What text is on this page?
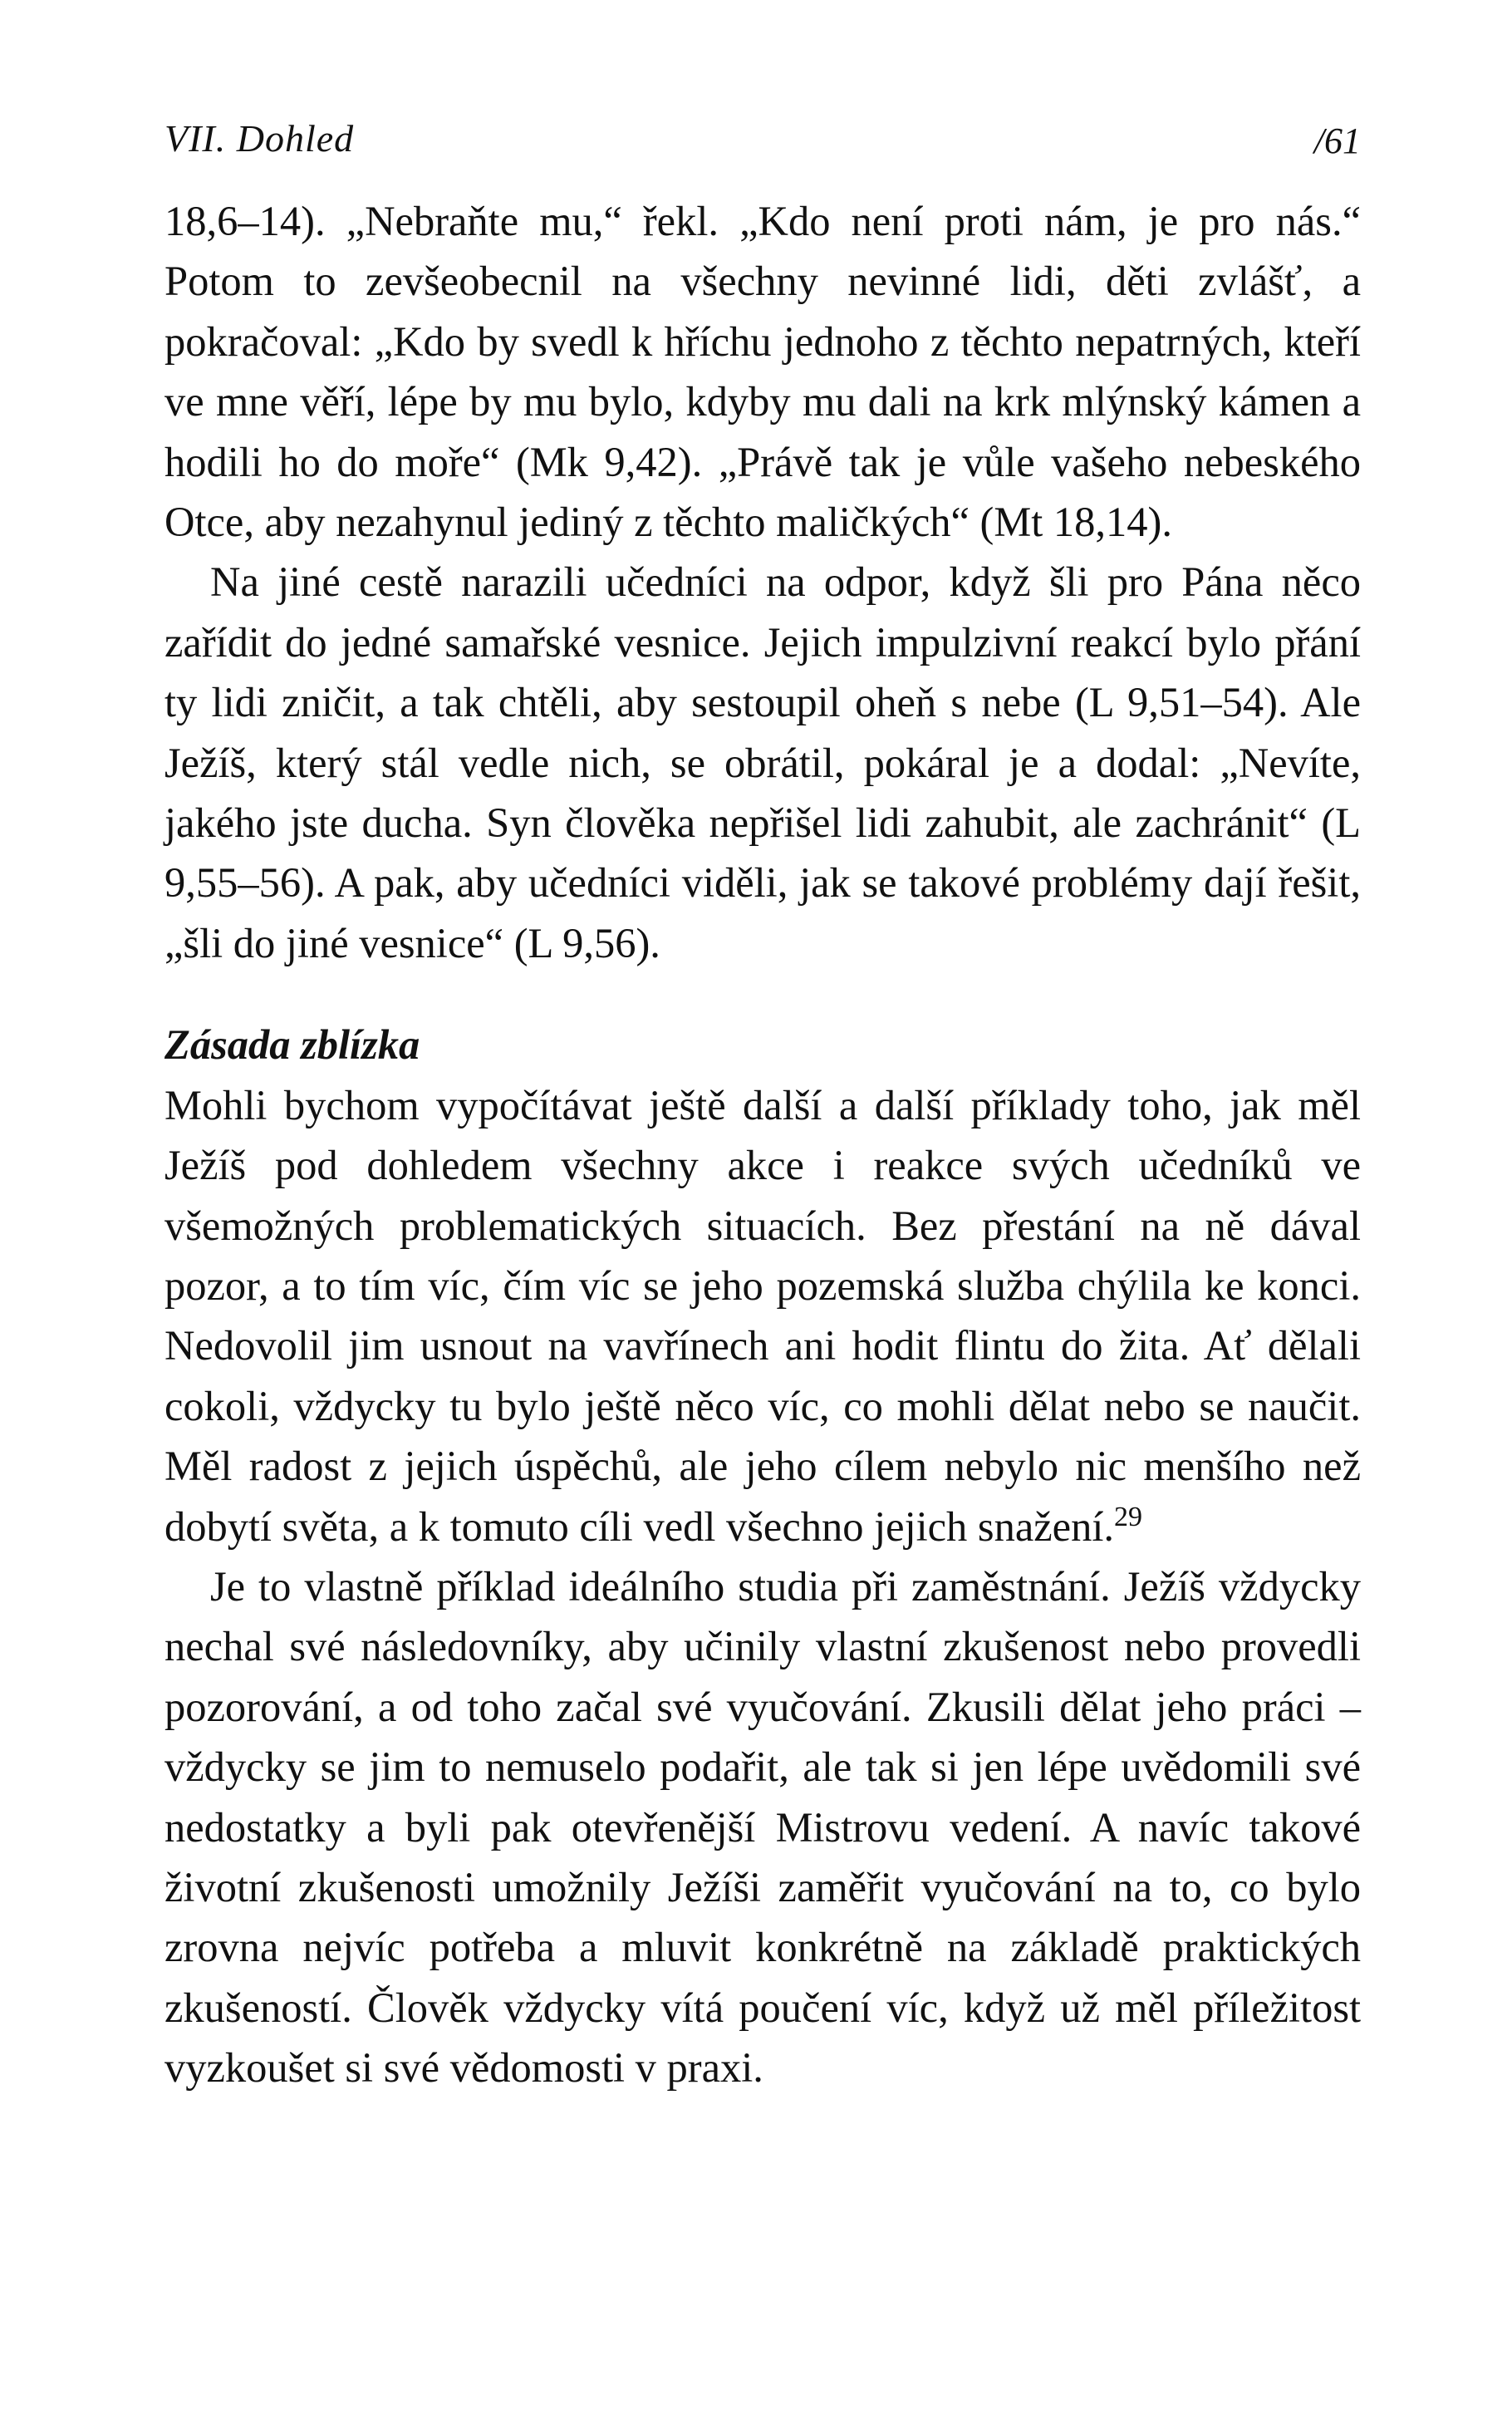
VII. Dohled	/61

18,6–14). „Nebraňte mu,“ řekl. „Kdo není proti nám, je pro nás.“ Potom to zevšeobecnil na všechny nevinné lidi, děti zvlášť, a pokračoval: „Kdo by svedl k hříchu jednoho z těchto nepatrných, kteří ve mne věří, lépe by mu bylo, kdyby mu dali na krk mlýnský kámen a hodili ho do moře“ (Mk 9,42). „Právě tak je vůle vašeho nebeského Otce, aby nezahynul jediný z těchto maličkých“ (Mt 18,14).

Na jiné cestě narazili učedníci na odpor, když šli pro Pána něco zařídit do jedné samařské vesnice. Jejich impulzivní reakcí bylo přání ty lidi zničit, a tak chtěli, aby sestoupil oheň s nebe (L 9,51–54). Ale Ježíš, který stál vedle nich, se obrátil, pokáral je a dodal: „Nevíte, jakého jste ducha. Syn člověka nepřišel lidi zahubit, ale zachránit“ (L 9,55–56). A pak, aby učedníci viděli, jak se takové problémy dají řešit, „šli do jiné vesnice“ (L 9,56).

Zásada zblízka

Mohli bychom vypočítávat ještě další a další příklady toho, jak měl Ježíš pod dohledem všechny akce i reakce svých učedníků ve všemožných problematických situacích. Bez přestání na ně dával pozor, a to tím víc, čím víc se jeho pozemská služba chýlila ke konci. Nedovolil jim usnout na vavřínech ani hodit flintu do žita. Ať dělali cokoli, vždycky tu bylo ještě něco víc, co mohli dělat nebo se naučit. Měl radost z jejich úspěchů, ale jeho cílem nebylo nic menšího než dobytí světa, a k tomuto cíli vedl všechno jejich snažení.$^{29}$

Je to vlastně příklad ideálního studia při zaměstnání. Ježíš vždycky nechal své následovníky, aby učinily vlastní zkušenost nebo provedli pozorování, a od toho začal své vyučování. Zkusili dělat jeho práci – vždycky se jim to nemuselo podařit, ale tak si jen lépe uvědomili své nedostatky a byli pak otevřenější Mistrovu vedení. A navíc takové životní zkušenosti umožnily Ježíši zaměřit vyučování na to, co bylo zrovna nejvíc potřeba a mluvit konkrétně na základě praktických zkušeností. Člověk vždycky vítá poučení víc, když už měl příležitost vyzkoušet si své vědomosti v praxi.
